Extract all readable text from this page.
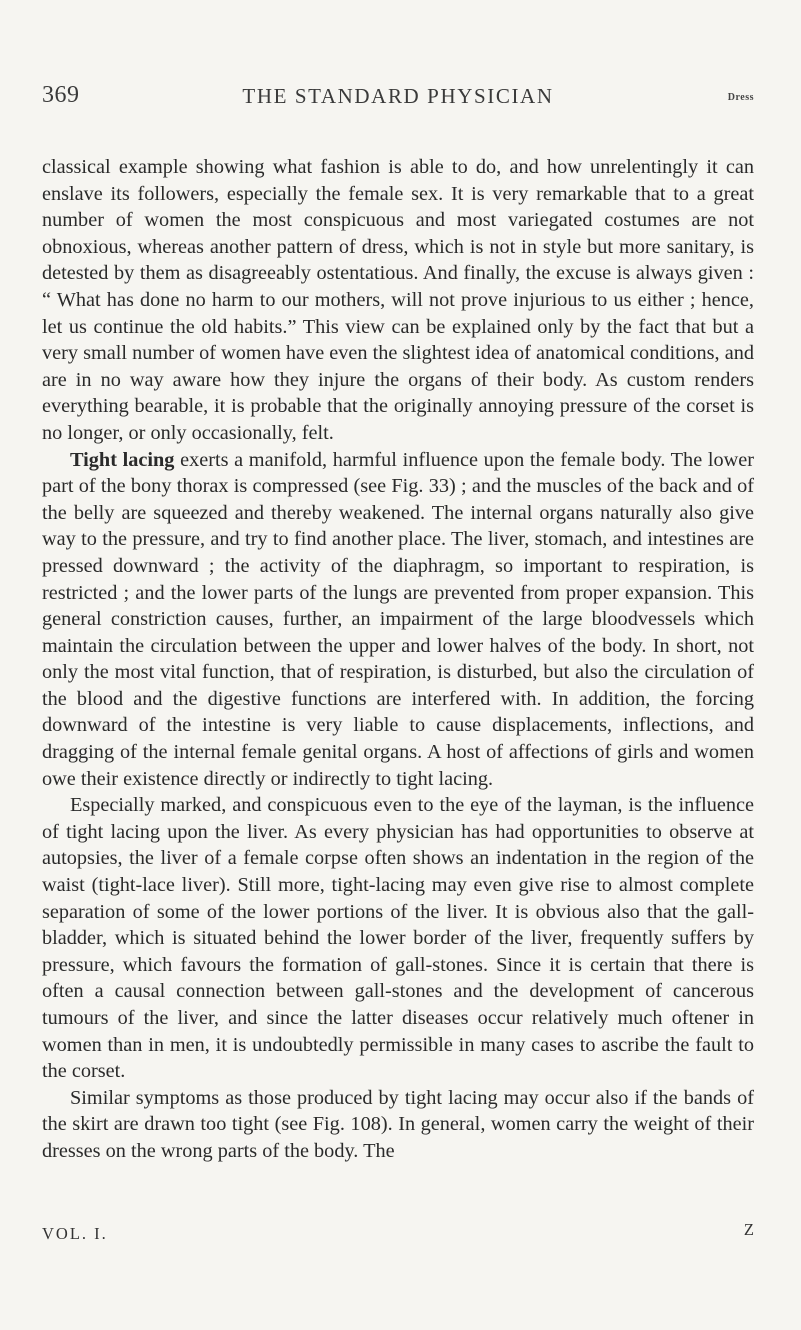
369	THE STANDARD PHYSICIAN	Dress

classical example showing what fashion is able to do, and how unrelentingly it can enslave its followers, especially the female sex. It is very remarkable that to a great number of women the most conspicuous and most variegated costumes are not obnoxious, whereas another pattern of dress, which is not in style but more sanitary, is detested by them as disagreeably ostentatious. And finally, the excuse is always given : “ What has done no harm to our mothers, will not prove injurious to us either ; hence, let us continue the old habits.” This view can be explained only by the fact that but a very small number of women have even the slightest idea of anatomical conditions, and are in no way aware how they injure the organs of their body. As custom renders everything bearable, it is probable that the originally annoying pressure of the corset is no longer, or only occasionally, felt.

Tight lacing exerts a manifold, harmful influence upon the female body. The lower part of the bony thorax is compressed (see Fig. 33) ; and the muscles of the back and of the belly are squeezed and thereby weakened. The internal organs naturally also give way to the pressure, and try to find another place. The liver, stomach, and intestines are pressed downward ; the activity of the diaphragm, so important to respiration, is restricted ; and the lower parts of the lungs are prevented from proper expansion. This general constriction causes, further, an impairment of the large bloodvessels which maintain the circulation between the upper and lower halves of the body. In short, not only the most vital function, that of respiration, is disturbed, but also the circulation of the blood and the digestive functions are interfered with. In addition, the forcing downward of the intestine is very liable to cause displacements, inflections, and dragging of the internal female genital organs. A host of affections of girls and women owe their existence directly or indirectly to tight lacing.

Especially marked, and conspicuous even to the eye of the layman, is the influence of tight lacing upon the liver. As every physician has had opportunities to observe at autopsies, the liver of a female corpse often shows an indentation in the region of the waist (tight-lace liver). Still more, tight-lacing may even give rise to almost complete separation of some of the lower portions of the liver. It is obvious also that the gall-bladder, which is situated behind the lower border of the liver, frequently suffers by pressure, which favours the formation of gall-stones. Since it is certain that there is often a causal connection between gall-stones and the development of cancerous tumours of the liver, and since the latter diseases occur relatively much oftener in women than in men, it is undoubtedly permissible in many cases to ascribe the fault to the corset.

Similar symptoms as those produced by tight lacing may occur also if the bands of the skirt are drawn too tight (see Fig. 108). In general, women carry the weight of their dresses on the wrong parts of the body. The

VOL. I.	Z
